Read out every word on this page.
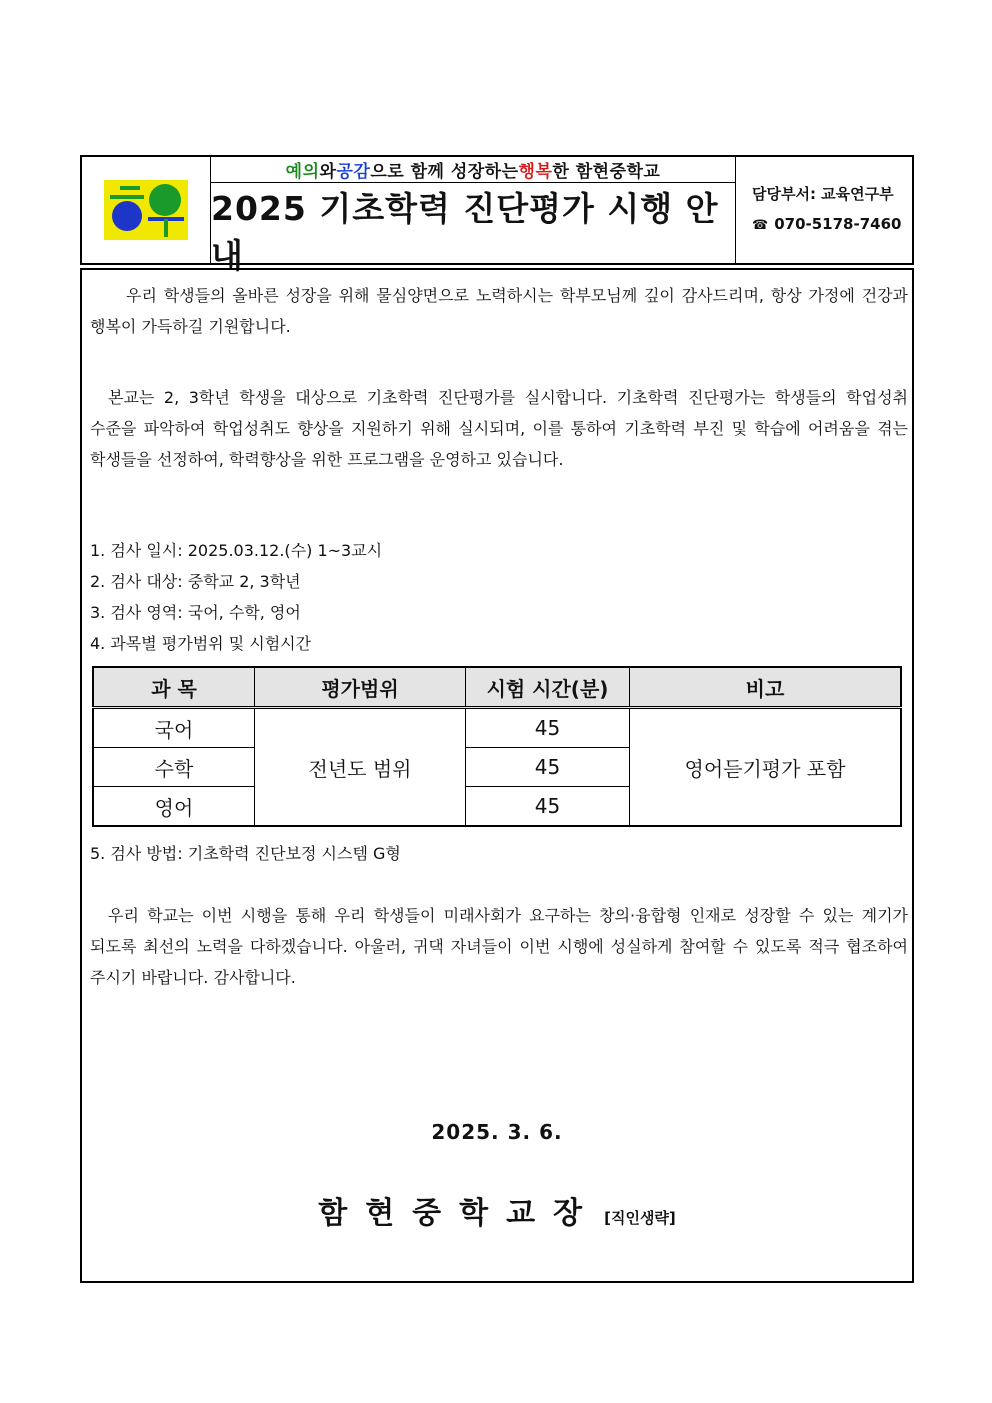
예의 와 공감 으로 함께 성장하는 행복 한 함현중학교
2025 기초학력 진단평가 시행 안내
담당부서: 교육연구부
☎ 070-5178-7460
우리 학생들의 올바른 성장을 위해 물심양면으로 노력하시는 학부모님께 깊이 감사드리며, 항상 가정에 건강과 행복이 가득하길 기원합니다.
본교는 2, 3학년 학생을 대상으로 기초학력 진단평가를 실시합니다. 기초학력 진단평가는 학생들의 학업성취 수준을 파악하여 학업성취도 향상을 지원하기 위해 실시되며, 이를 통하여 기초학력 부진 및 학습에 어려움을 겪는 학생들을 선정하여, 학력향상을 위한 프로그램을 운영하고 있습니다.
1. 검사 일시: 2025.03.12.(수) 1~3교시
2. 검사 대상: 중학교 2, 3학년
3. 검사 영역: 국어, 수학, 영어
4. 과목별 평가범위 및 시험시간
과 목	평가범위	시험 시간(분)	비고
국어	전년도 범위	45	영어듣기평가 포함
수학		45	
영어		45	
5. 검사 방법: 기초학력 진단보정 시스템 G형
우리 학교는 이번 시행을 통해 우리 학생들이 미래사회가 요구하는 창의·융합형 인재로 성장할 수 있는 계기가 되도록 최선의 노력을 다하겠습니다. 아울러, 귀댁 자녀들이 이번 시행에 성실하게 참여할 수 있도록 적극 협조하여 주시기 바랍니다. 감사합니다.
2025. 3. 6.
함현중학교장 [직인생략]
